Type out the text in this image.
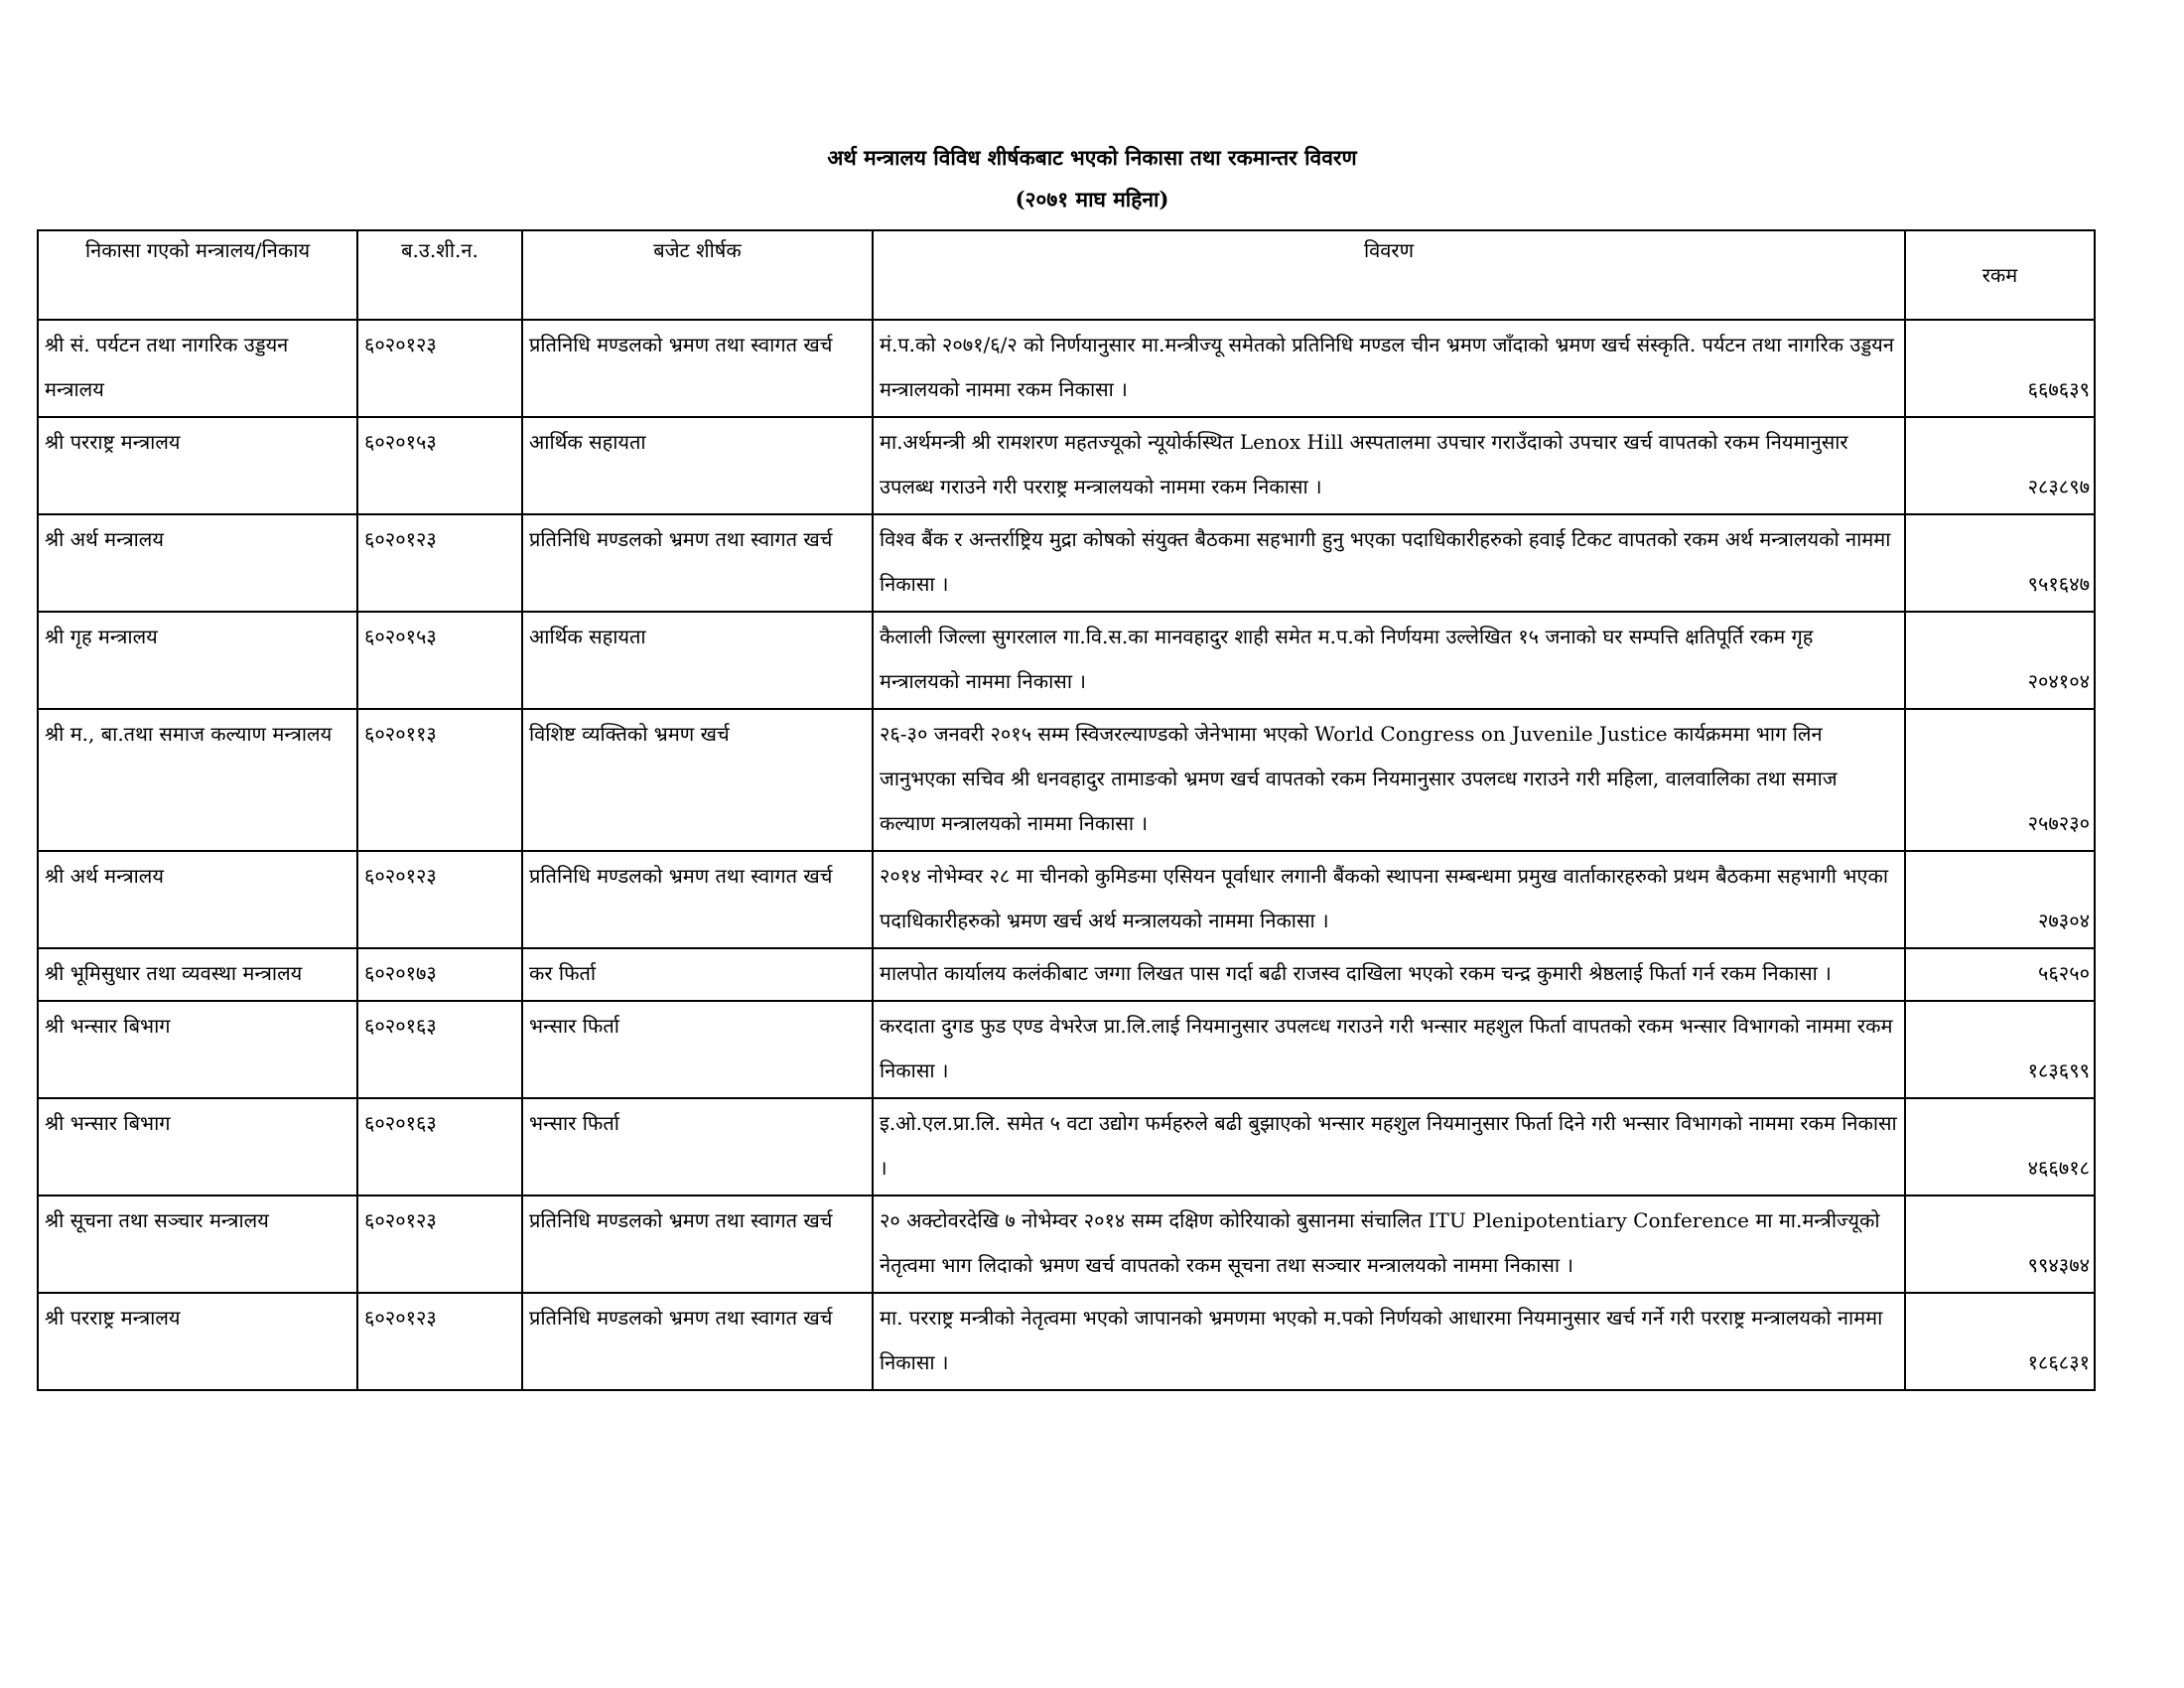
अर्थ मन्त्रालय विविध शीर्षकबाट भएको निकासा तथा रकमान्तर विवरण
(२०७१ माघ महिना)
निकासा गएको मन्त्रालय/निकाय	ब.उ.शी.न.	बजेट शीर्षक	विवरण	रकम
श्री सं. पर्यटन तथा नागरिक उड्डयन मन्त्रालय	६०२०१२३	प्रतिनिधि मण्डलको भ्रमण तथा स्वागत खर्च	मं.प.को २०७१/६/२ को निर्णयानुसार मा.मन्त्रीज्यू समेतको प्रतिनिधि मण्डल चीन भ्रमण जाँदाको भ्रमण खर्च संस्कृति. पर्यटन तथा नागरिक उड्डयन मन्त्रालयको नाममा रकम निकासा ।	६६७६३९
श्री परराष्ट्र मन्त्रालय	६०२०१५३	आर्थिक सहायता	मा.अर्थमन्त्री श्री रामशरण महतज्यूको न्यूयोर्कस्थित Lenox Hill अस्पतालमा उपचार गराउँदाको उपचार खर्च वापतको रकम नियमानुसार उपलब्ध गराउने गरी परराष्ट्र मन्त्रालयको नाममा रकम निकासा ।	२८३८९७
श्री अर्थ मन्त्रालय	६०२०१२३	प्रतिनिधि मण्डलको भ्रमण तथा स्वागत खर्च	विश्व बैंक र अन्तर्राष्ट्रिय मुद्रा कोषको संयुक्त बैठकमा सहभागी हुनु भएका पदाधिकारीहरुको हवाई टिकट वापतको रकम अर्थ मन्त्रालयको नाममा निकासा ।	९५१६४७
श्री गृह मन्त्रालय	६०२०१५३	आर्थिक सहायता	कैलाली जिल्ला सुगरलाल गा.वि.स.का मानवहादुर शाही समेत म.प.को निर्णयमा उल्लेखित १५ जनाको घर सम्पत्ति क्षतिपूर्ति रकम गृह मन्त्रालयको नाममा निकासा ।	२०४१०४
श्री म., बा.तथा समाज कल्याण मन्त्रालय	६०२०११३	विशिष्ट व्यक्तिको भ्रमण खर्च	२६-३० जनवरी २०१५ सम्म स्विजरल्याण्डको जेनेभामा भएको World Congress on Juvenile Justice कार्यक्रममा भाग लिन जानुभएका सचिव श्री धनवहादुर तामाङको भ्रमण खर्च वापतको रकम नियमानुसार उपलव्ध गराउने गरी महिला, वालवालिका तथा समाज कल्याण मन्त्रालयको नाममा निकासा ।	२५७२३०
श्री अर्थ मन्त्रालय	६०२०१२३	प्रतिनिधि मण्डलको भ्रमण तथा स्वागत खर्च	२०१४ नोभेम्वर २८ मा चीनको कुमिङमा एसियन पूर्वाधार लगानी बैंकको स्थापना सम्बन्धमा प्रमुख वार्ताकारहरुको प्रथम बैठकमा सहभागी भएका पदाधिकारीहरुको भ्रमण खर्च अर्थ मन्त्रालयको नाममा निकासा ।	२७३०४
श्री भूमिसुधार तथा व्यवस्था मन्त्रालय	६०२०१७३	कर फिर्ता	मालपोत कार्यालय कलंकीबाट जग्गा लिखत पास गर्दा बढी राजस्व दाखिला भएको रकम चन्द्र कुमारी श्रेष्ठलाई फिर्ता गर्न रकम निकासा ।	५६२५०
श्री भन्सार बिभाग	६०२०१६३	भन्सार फिर्ता	करदाता दुगड फुड एण्ड वेभरेज प्रा.लि.लाई नियमानुसार उपलव्ध गराउने गरी भन्सार महशुल फिर्ता वापतको रकम भन्सार विभागको नाममा रकम निकासा ।	१८३६९९
श्री भन्सार बिभाग	६०२०१६३	भन्सार फिर्ता	इ.ओ.एल.प्रा.लि. समेत ५ वटा उद्योग फर्महरुले बढी बुझाएको भन्सार महशुल नियमानुसार फिर्ता दिने गरी भन्सार विभागको नाममा रकम निकासा ।	४६६७१८
श्री सूचना तथा सञ्चार मन्त्रालय	६०२०१२३	प्रतिनिधि मण्डलको भ्रमण तथा स्वागत खर्च	२० अक्टोवरदेखि ७ नोभेम्वर २०१४ सम्म दक्षिण कोरियाको बुसानमा संचालित ITU Plenipotentiary Conference मा मा.मन्त्रीज्यूको नेतृत्वमा भाग लिदाको भ्रमण खर्च वापतको रकम सूचना तथा सञ्चार मन्त्रालयको नाममा निकासा ।	९९४३७४
श्री परराष्ट्र मन्त्रालय	६०२०१२३	प्रतिनिधि मण्डलको भ्रमण तथा स्वागत खर्च	मा. परराष्ट्र मन्त्रीको नेतृत्वमा भएको जापानको भ्रमणमा भएको म.पको निर्णयको आधारमा नियमानुसार खर्च गर्ने गरी परराष्ट्र मन्त्रालयको नाममा निकासा ।	१८६८३१
